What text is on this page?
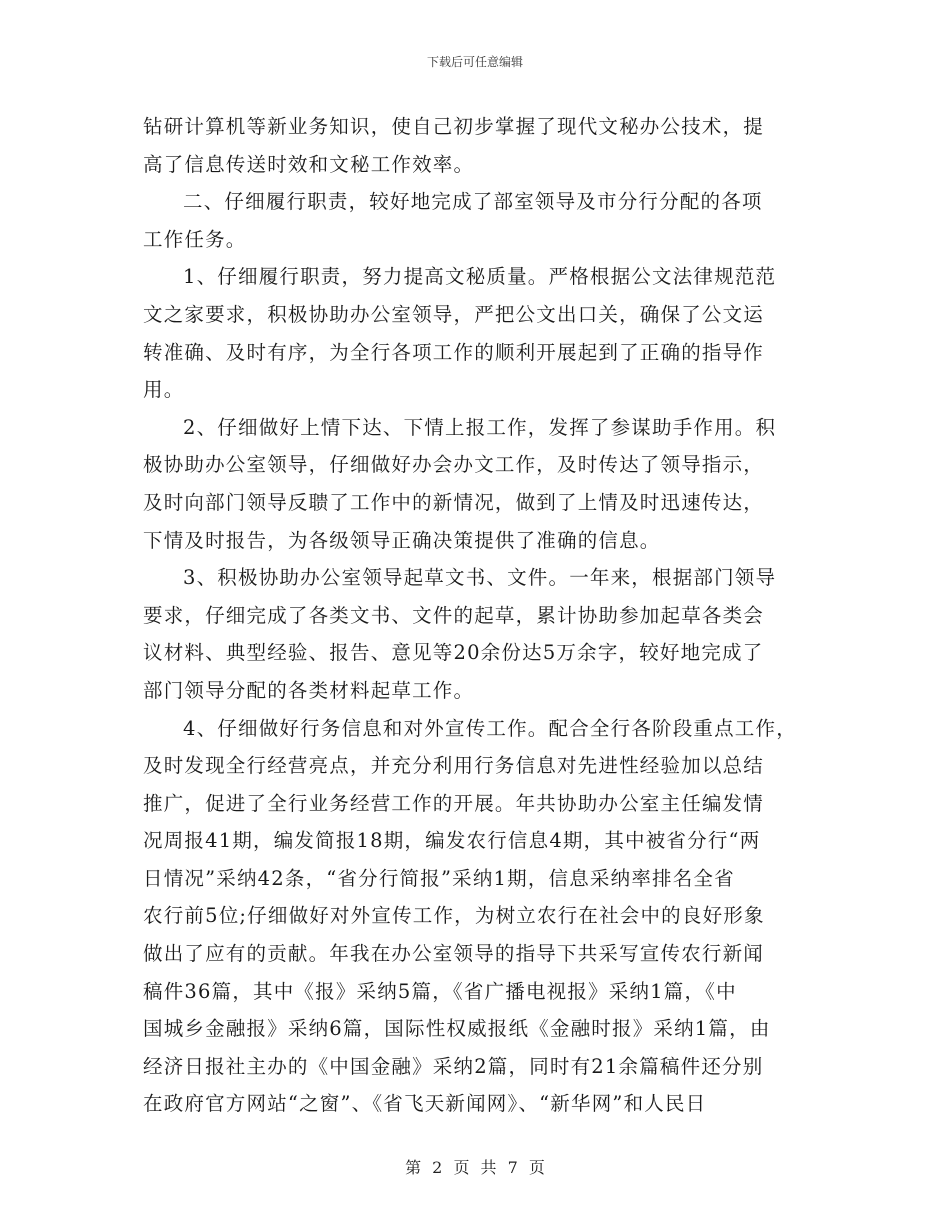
下载后可任意编辑
钻研计算机等新业务知识，使自己初步掌握了现代文秘办公技术，提
高了信息传送时效和文秘工作效率。
二、仔细履行职责，较好地完成了部室领导及市分行分配的各项
工作任务。
1、仔细履行职责，努力提高文秘质量。严格根据公文法律规范范
文之家要求，积极协助办公室领导，严把公文出口关，确保了公文运
转准确、及时有序，为全行各项工作的顺利开展起到了正确的指导作
用。
2、仔细做好上情下达、下情上报工作，发挥了参谋助手作用。积
极协助办公室领导，仔细做好办会办文工作，及时传达了领导指示，
及时向部门领导反聩了工作中的新情况，做到了上情及时迅速传达，
下情及时报告，为各级领导正确决策提供了准确的信息。
3、积极协助办公室领导起草文书、文件。一年来，根据部门领导
要求，仔细完成了各类文书、文件的起草，累计协助参加起草各类会
议材料、典型经验、报告、意见等20余份达5万余字，较好地完成了
部门领导分配的各类材料起草工作。
4、仔细做好行务信息和对外宣传工作。配合全行各阶段重点工作，
及时发现全行经营亮点，并充分利用行务信息对先进性经验加以总结
推广，促进了全行业务经营工作的开展。年共协助办公室主任编发情
况周报41期，编发简报18期，编发农行信息4期，其中被省分行“两
日情况”采纳42条，“省分行简报”采纳1期，信息采纳率排名全省
农行前5位;仔细做好对外宣传工作，为树立农行在社会中的良好形象
做出了应有的贡献。年我在办公室领导的指导下共采写宣传农行新闻
稿件36篇，其中《报》采纳5篇，《省广播电视报》采纳1篇，《中
国城乡金融报》采纳6篇，国际性权威报纸《金融时报》采纳1篇，由
经济日报社主办的《中国金融》采纳2篇，同时有21余篇稿件还分别
在政府官方网站“之窗”、《省飞天新闻网》、“新华网”和人民日
第 2 页 共 7 页
